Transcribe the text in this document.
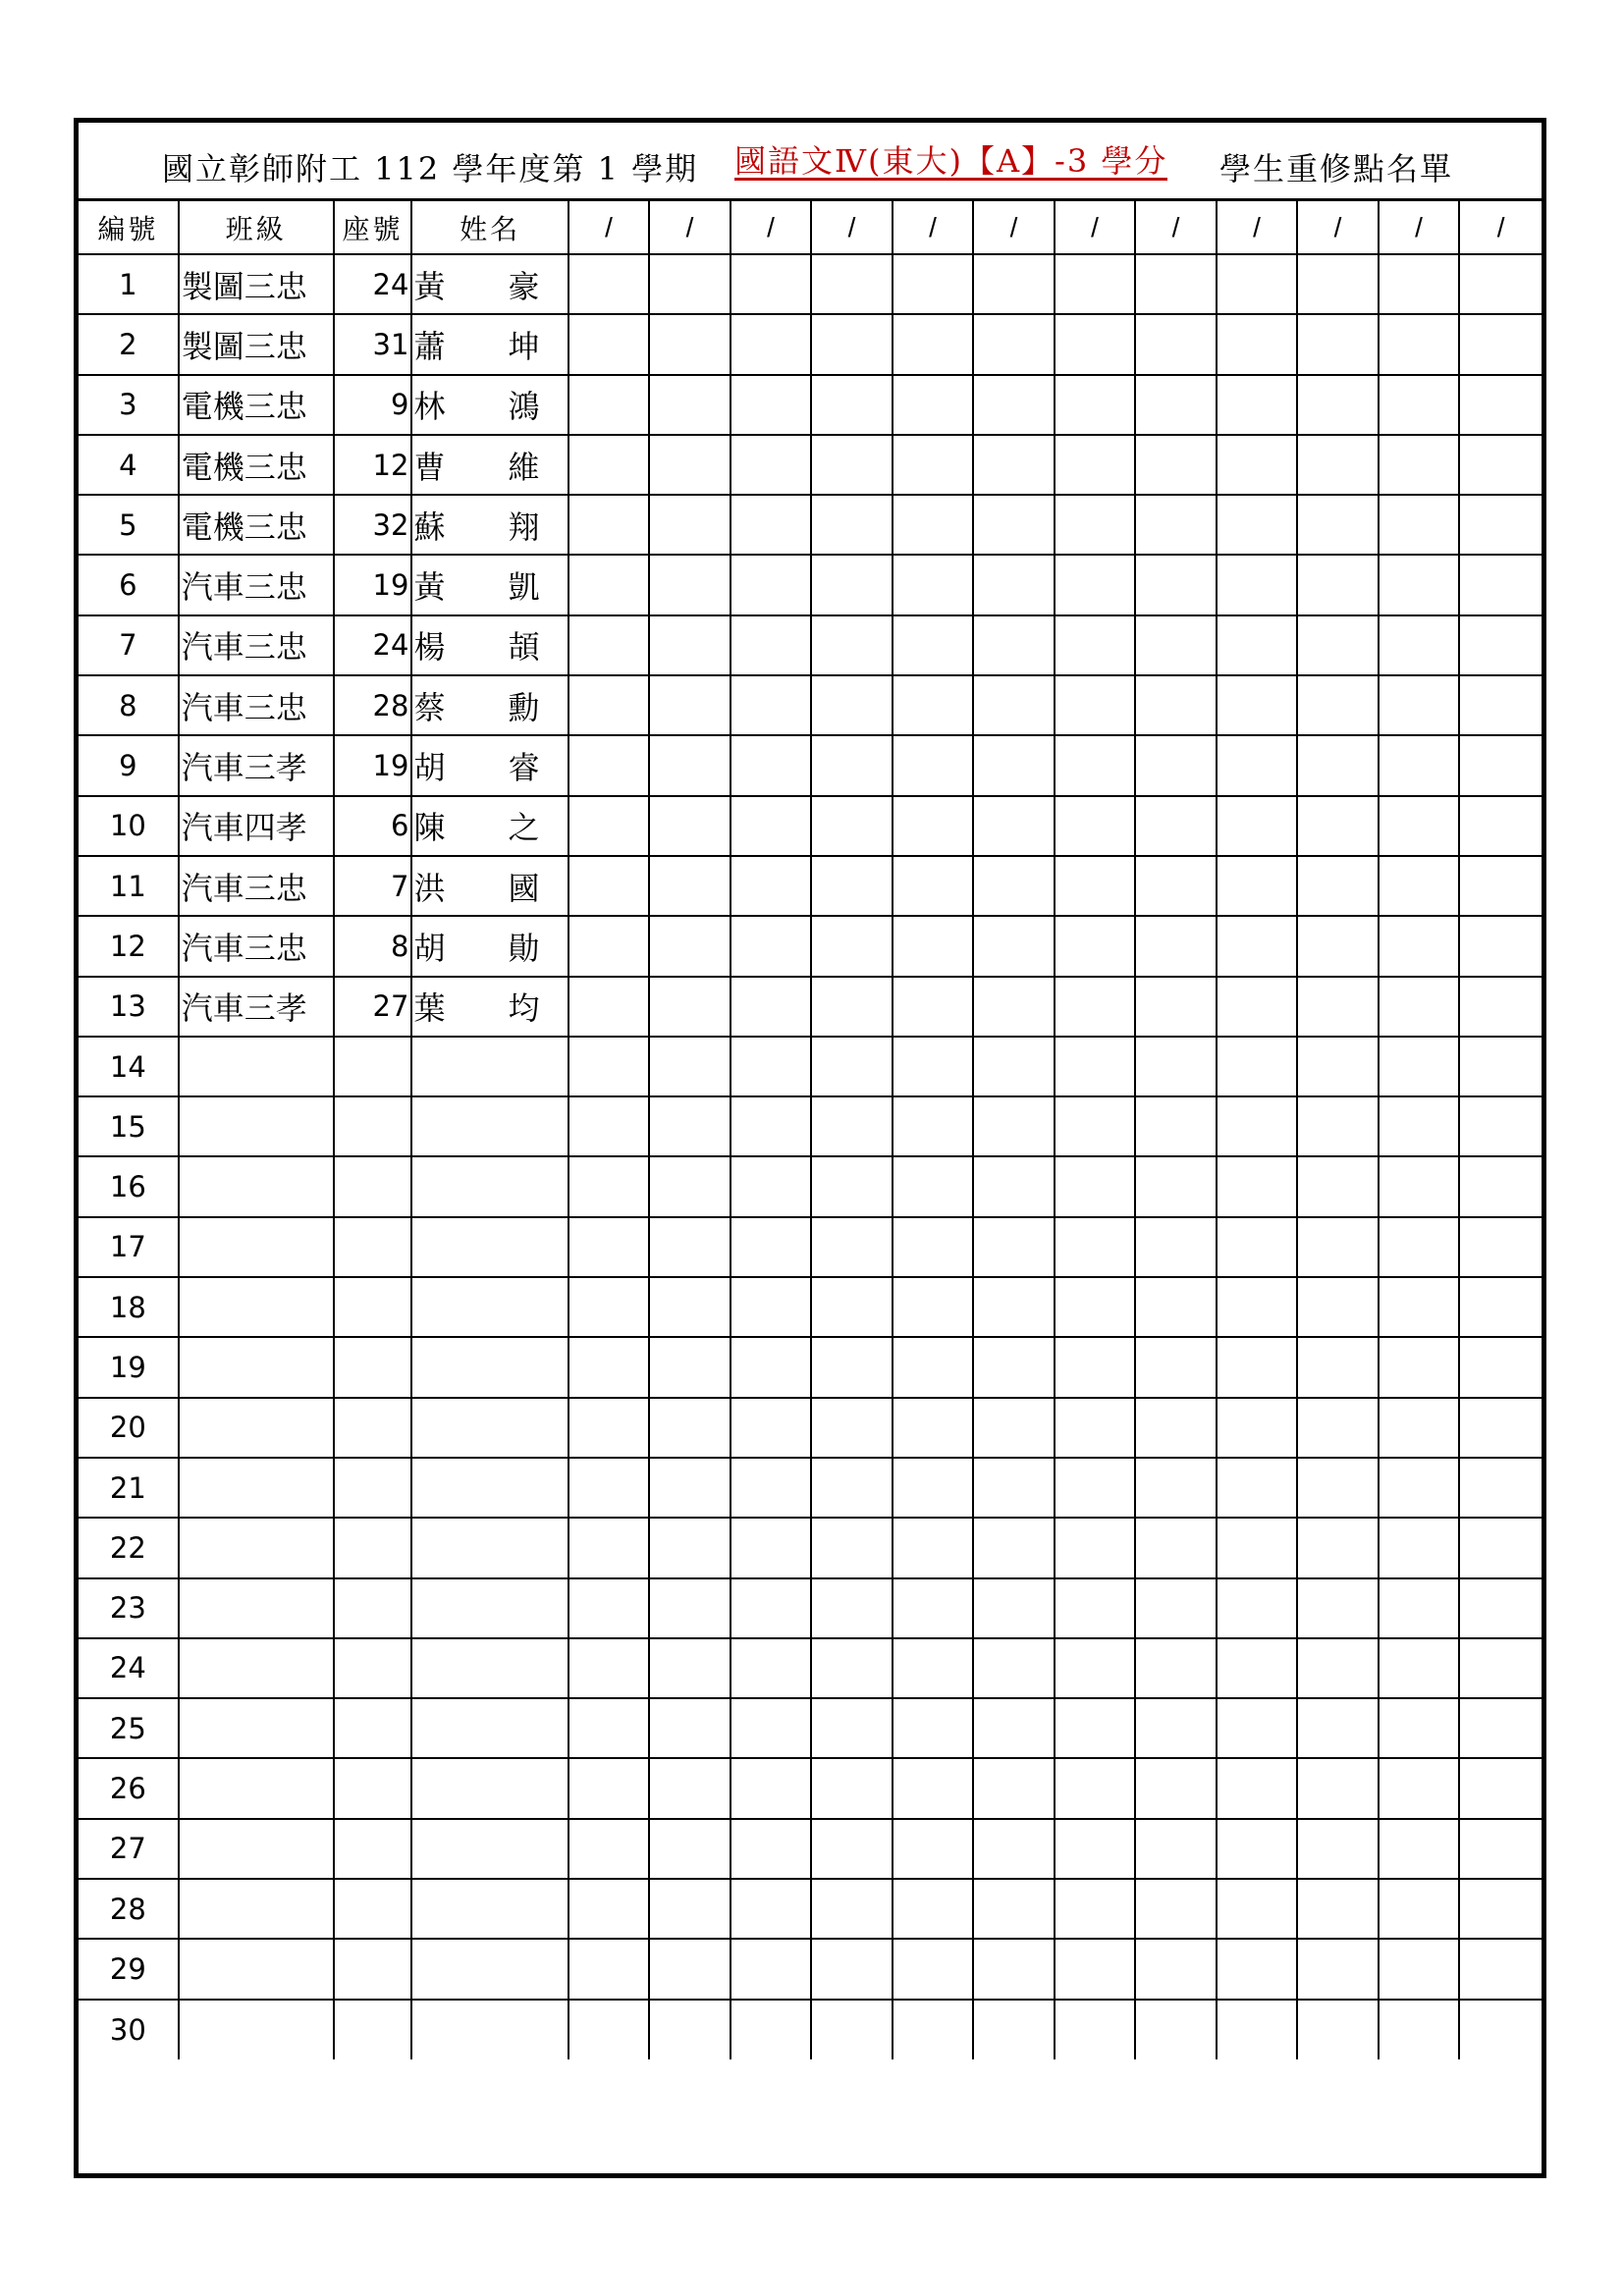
國立彰師附工 112 學年度第 1 學期 國語文Ⅳ(東大)【A】-3 學分 學生重修點名單
編號	班級	座號	姓名		/	/	/	/	/	/	/	/	/	/	/	/
1	製圖三忠	24	黃	豪												
2	製圖三忠	31	蕭	坤												
3	電機三忠	9	林	鴻												
4	電機三忠	12	曹	維												
5	電機三忠	32	蘇	翔												
6	汽車三忠	19	黃	凱												
7	汽車三忠	24	楊	頡												
8	汽車三忠	28	蔡	勳												
9	汽車三孝	19	胡	睿												
10	汽車四孝	6	陳	之												
11	汽車三忠	7	洪	國												
12	汽車三忠	8	胡	勛												
13	汽車三孝	27	葉	均												
14																
15																
16																
17																
18																
19																
20																
21																
22																
23																
24																
25																
26																
27																
28																
29																
30																
